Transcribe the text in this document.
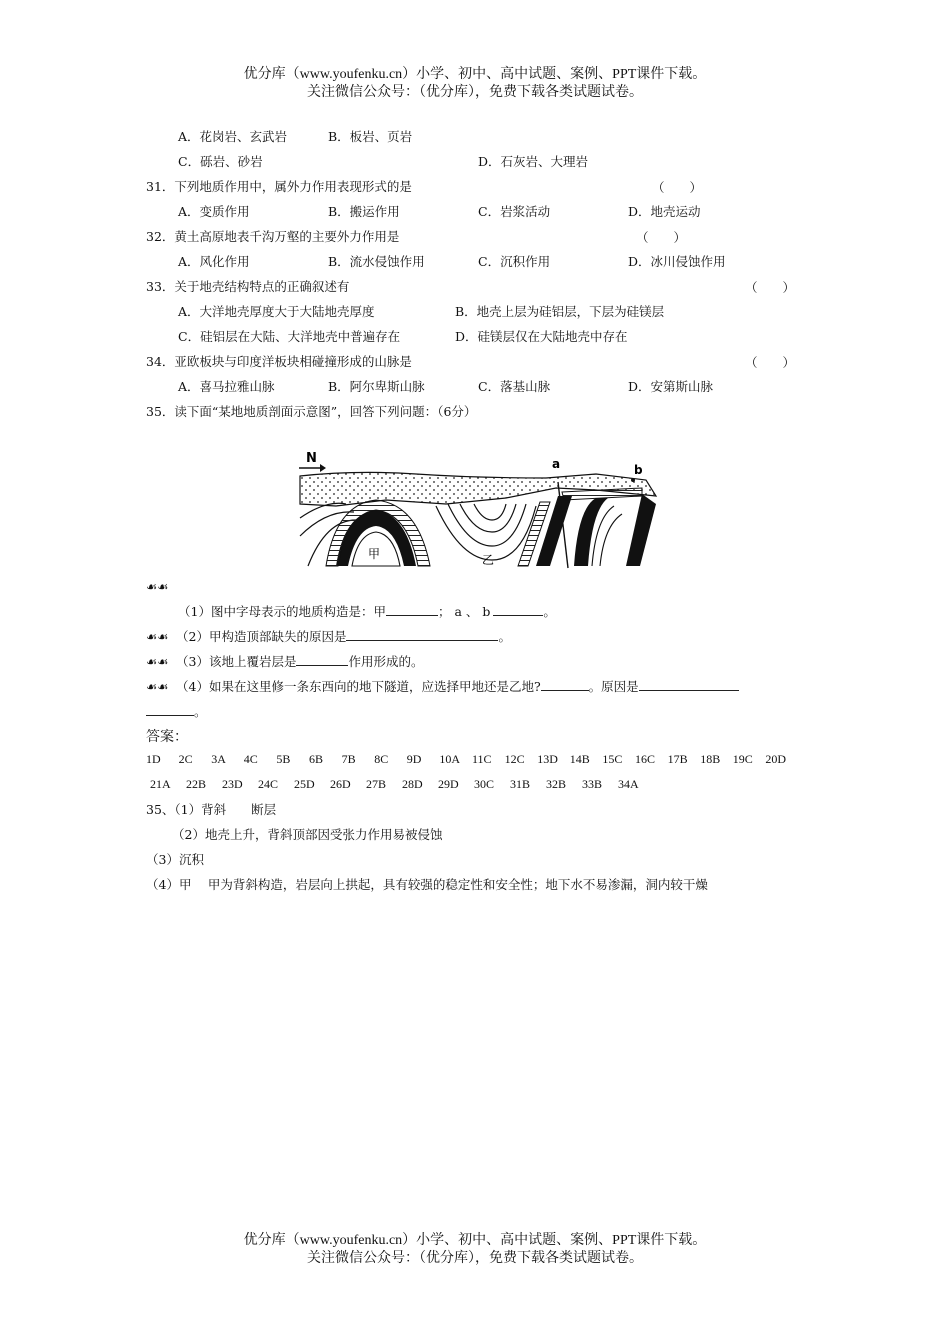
优分库（www.youfenku.cn）小学、初中、高中试题、案例、PPT课件下载。
关注微信公众号：（优分库），免费下载各类试题试卷。
A．花岗岩、玄武岩	B．板岩、页岩
C．砾岩、砂岩	D．石灰岩、大理岩
31．下列地质作用中，属外力作用表现形式的是	（　　）
A．变质作用	B．搬运作用	C．岩浆活动	D．地壳运动
32．黄土高原地表千沟万壑的主要外力作用是	（　　）
A．风化作用	B．流水侵蚀作用	C．沉积作用	D．冰川侵蚀作用
33．关于地壳结构特点的正确叙述有	（　　）
A．大洋地壳厚度大于大陆地壳厚度	B．地壳上层为硅铝层，下层为硅镁层
C．硅铝层在大陆、大洋地壳中普遍存在	D．硅镁层仅在大陆地壳中存在
34．亚欧板块与印度洋板块相碰撞形成的山脉是	（　　）
A．喜马拉雅山脉	B．阿尔卑斯山脉	C．落基山脉	D．安第斯山脉
35．读下面“某地地质剖面示意图”，回答下列问题：（6分）
N
甲	乙
a	b
☙☙
（1）图中字母表示的地质构造是：甲	； a 、 b	。
☙☙ （2）甲构造顶部缺失的原因是	。
☙☙ （3）该地上覆岩层是	作用形成的。
☙☙ （4）如果在这里修一条东西向的地下隧道，应选择甲地还是乙地?	。原因是
。
答案：
1D 2C 3A 4C 5B 6B 7B 8C 9D 10A 11C 12C 13D 14B 15C 16C 17B 18B 19C 20D
21A 22B 23D 24C 25D 26D 27B 28D 29D 30C 31B 32B 33B 34A
35、（1）背斜　　断层
（2）地壳上升，背斜顶部因受张力作用易被侵蚀
（3）沉积
（4）甲　 甲为背斜构造，岩层向上拱起，具有较强的稳定性和安全性；地下水不易渗漏，洞内较干燥
优分库（www.youfenku.cn）小学、初中、高中试题、案例、PPT课件下载。
关注微信公众号：（优分库），免费下载各类试题试卷。
